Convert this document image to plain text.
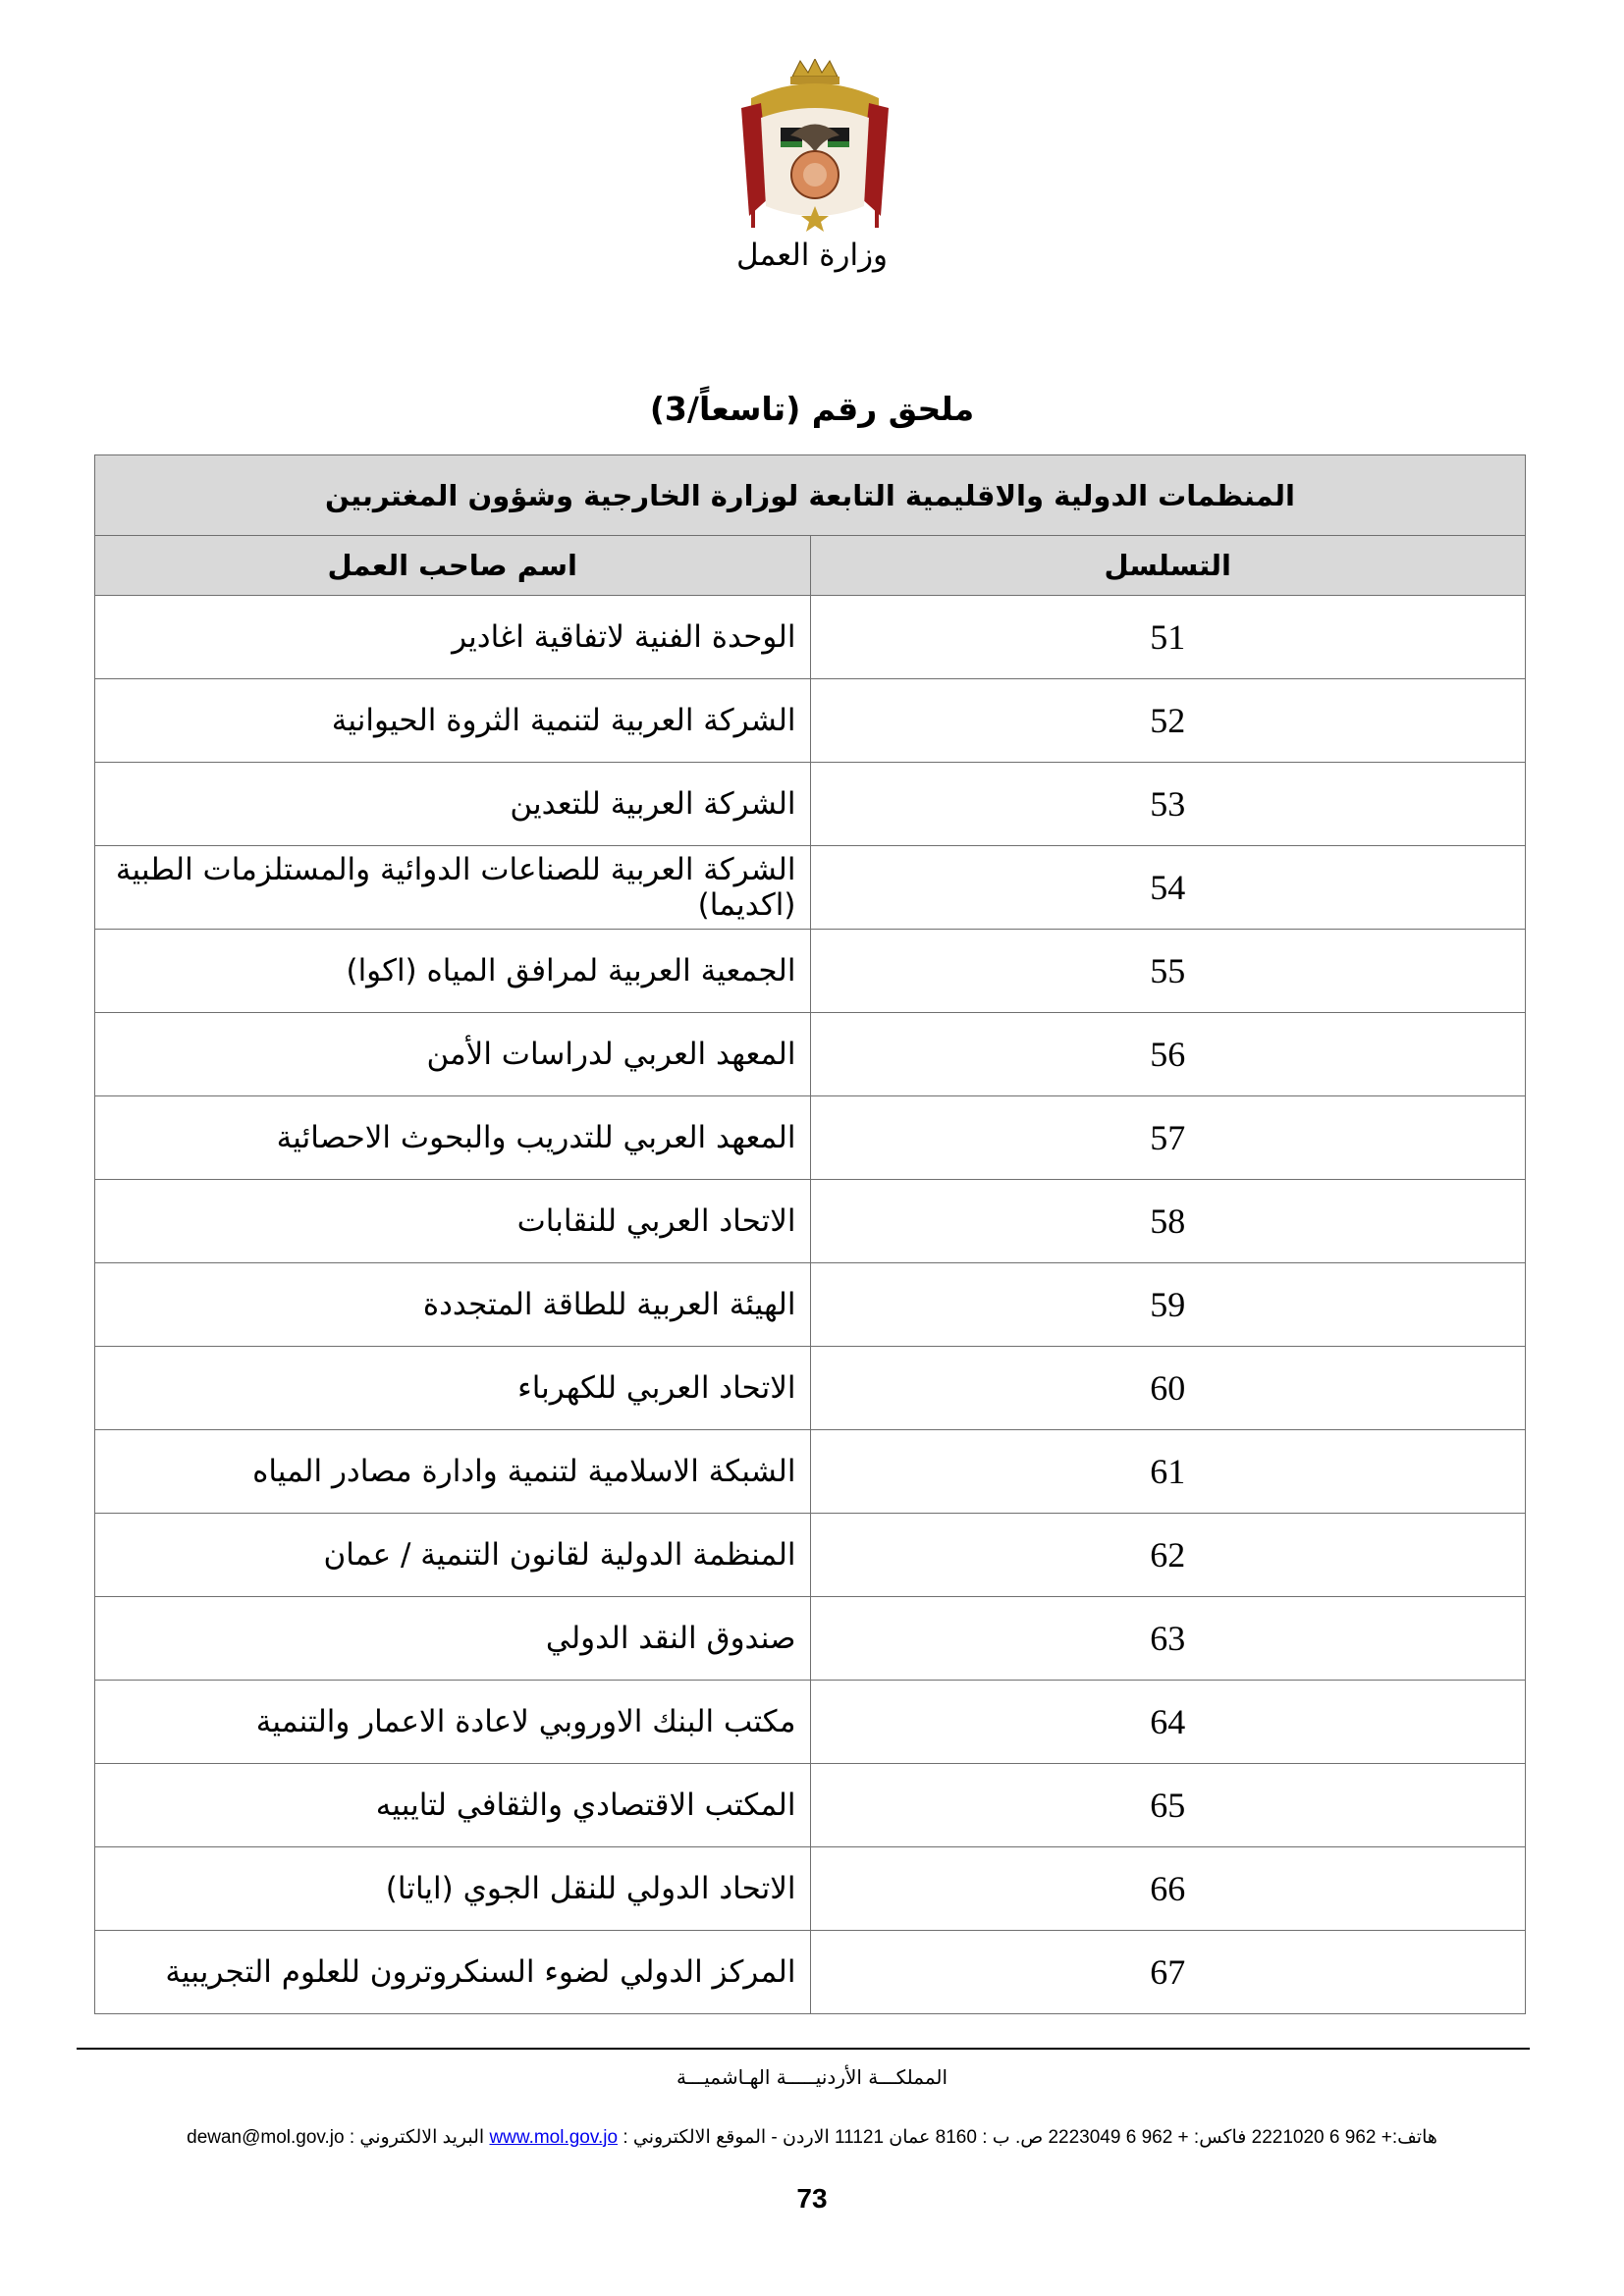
وزارة العمل
ملحق رقم (تاسعاً/3)
المنظمات الدولية والاقليمية التابعة لوزارة الخارجية وشؤون المغتربين	
التسلسل	اسم صاحب العمل
51	الوحدة الفنية لاتفاقية اغادير
52	الشركة العربية لتنمية الثروة الحيوانية
53	الشركة العربية للتعدين
54	الشركة العربية للصناعات الدوائية والمستلزمات الطبية (اكديما)
55	الجمعية العربية لمرافق المياه (اكوا)
56	المعهد العربي لدراسات الأمن
57	المعهد العربي للتدريب والبحوث الاحصائية
58	الاتحاد العربي للنقابات
59	الهيئة العربية للطاقة المتجددة
60	الاتحاد العربي للكهرباء
61	الشبكة الاسلامية لتنمية وادارة مصادر المياه
62	المنظمة الدولية لقانون التنمية / عمان
63	صندوق النقد الدولي
64	مكتب البنك الاوروبي لاعادة الاعمار والتنمية
65	المكتب الاقتصادي والثقافي لتايبيه
66	الاتحاد الدولي للنقل الجوي (اياتا)
67	المركز الدولي لضوء السنكروترون للعلوم التجريبية
المملكـــة الأردنيـــــة الهـاشميـــة
هاتف:+ 962 6 2221020 فاكس: + 962 6 2223049 ص. ب : 8160 عمان 11121 الاردن - الموقع الالكتروني : www.mol.gov.jo البريد الالكتروني : dewan@mol.gov.jo
73
